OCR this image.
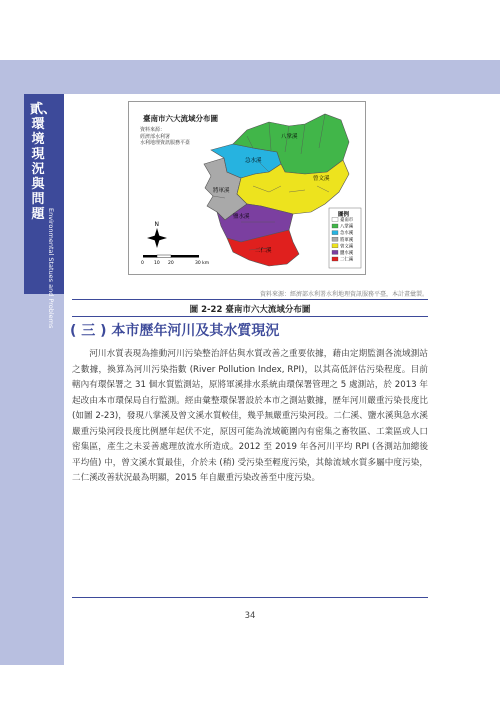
貳、環境現況與問題 Environmental Statues and Problems
八掌溪
急水溪
將軍溪
曾文溪
鹽水溪
二仁溪
N
0 10 20	30 km
圖例
臺南市
八掌溪
急水溪
將軍溪
曾文溪
鹽水溪
二仁溪
臺南市六大流域分布圖
資料來源：
經濟部水利署
水利地理資訊服務平臺
資料來源：經濟部水利署水利地理資訊服務平臺，本計畫彙製。
圖 2-22 臺南市六大流域分布圖
( 三 ) 本市歷年河川及其水質現況

河川水質表現為推動河川污染整治評估與水質改善之重要依據，藉由定期監測各流域測站之數據，換算為河川污染指數 (River Pollution Index, RPI)，以其高低評估污染程度。目前轄內有環保署之 31 個水質監測站，原將軍溪排水系統由環保署管理之 5 處測站，於 2013 年起改由本市環保局自行監測。經由彙整環保署設於本市之測站數據，歷年河川嚴重污染長度比 (如圖 2-23)，發現八掌溪及曾文溪水質較佳，幾乎無嚴重污染河段。二仁溪、鹽水溪與急水溪嚴重污染河段長度比例歷年起伏不定，原因可能為流域範圍內有密集之畜牧區、工業區或人口密集區，產生之未妥善處理放流水所造成。2012 至 2019 年各河川平均 RPI (各測站加總後平均值) 中，曾文溪水質最佳，介於未 (稍) 受污染至輕度污染，其餘流域水質多屬中度污染，二仁溪改善狀況最為明顯，2015 年自嚴重污染改善至中度污染。

34
